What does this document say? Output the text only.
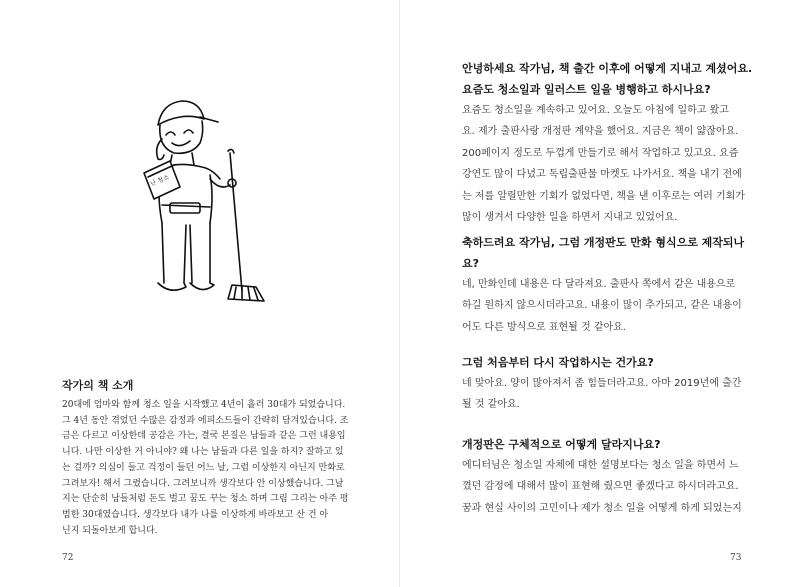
난 청소
작가의 책 소개
20대에 엄마와 함께 청소 일을 시작했고 4년이 흘러 30대가 되었습니다.
그 4년 동안 겪었던 수많은 감정과 에피소드들이 간략히 담겨있습니다. 조
금은 다르고 이상한데 공감은 가는, 결국 본질은 남들과 같은 그런 내용입
니다. 나만 이상한 거 아니야? 왜 나는 남들과 다른 일을 하지? 잘하고 있
는 걸까? 의심이 들고 걱정이 들던 어느 날, 그럼 이상한지 아닌지 만화로
그려보자! 해서 그렸습니다. 그려보니까 생각보다 안 이상했습니다. 그날
지는 단순히 남들처럼 돈도 벌고 꿈도 꾸는 청소 하며 그림 그리는 아주 평
범한 30대였습니다. 생각보다 내가 나를 이상하게 바라보고 산 건 아
닌지 되돌아보게 합니다.
72

안녕하세요 작가님, 책 출간 이후에 어떻게 지내고 계셨어요.
요즘도 청소일과 일러스트 일을 병행하고 하시나요?

요즘도 청소일을 계속하고 있어요. 오늘도 아침에 일하고 왔고
요. 제가 출판사랑 개정판 계약을 했어요. 지금은 책이 얇잖아요.
200페이지 정도로 두껍게 만들기로 해서 작업하고 있고요. 요즘
강연도 많이 다녔고 독립출판물 마켓도 나가서요. 책을 내기 전에
는 저를 알릴만한 기회가 없었다면, 책을 낸 이후로는 여러 기회가
많이 생겨서 다양한 일을 하면서 지내고 있었어요.

축하드려요 작가님, 그럼 개정판도 만화 형식으로 제작되나
요?

네, 만화인데 내용은 다 달라져요. 출판사 쪽에서 같은 내용으로
하길 원하지 않으시더라고요. 내용이 많이 추가되고, 같은 내용이
어도 다른 방식으로 표현될 것 같아요.

그럼 처음부터 다시 작업하시는 건가요?

네 맞아요. 양이 많아져서 좀 힘들더라고요. 아마 2019년에 출간
될 것 같아요.

개정판은 구체적으로 어떻게 달라지나요?

에디터님은 청소일 자체에 대한 설명보다는 청소 일을 하면서 느
꼈던 감정에 대해서 많이 표현해 줬으면 좋겠다고 하시더라고요.
꿈과 현실 사이의 고민이나 제가 청소 일을 어떻게 하게 되었는지

73
